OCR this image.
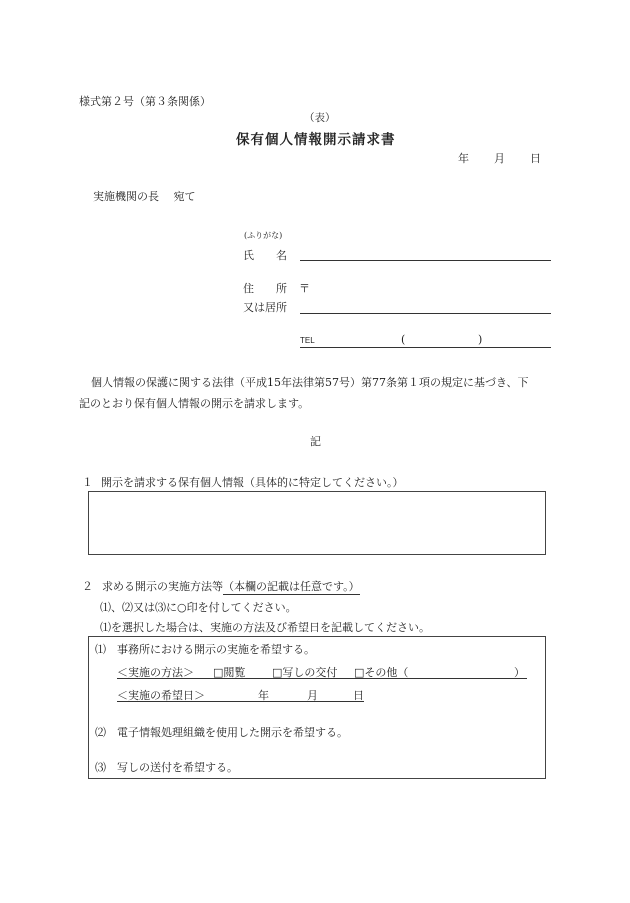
様式第２号（第３条関係）
（表）
保有個人情報開示請求書
年 月 日
実施機関の長　 宛て
(ふりがな)
氏　　名
住　　所 〒
又は居所
TEL	(	)
個人情報の保護に関する法律（平成15年法律第57号）第77条第１項の規定に基づき、下
記のとおり保有個人情報の開示を請求します。
記
１ 開示を請求する保有個人情報（具体的に特定してください。）
２ 求める開示の実施方法等（本欄の記載は任意です。）
⑴、⑵又は⑶に○印を付してください。
⑴を選択した場合は、実施の方法及び希望日を記載してください。
⑴ 事務所における開示の実施を希望する。
＜実施の方法＞ □閲覧 □写しの交付 □その他（	）
＜実施の希望日＞	年	月	日
⑵ 電子情報処理組織を使用した開示を希望する。
⑶ 写しの送付を希望する。
